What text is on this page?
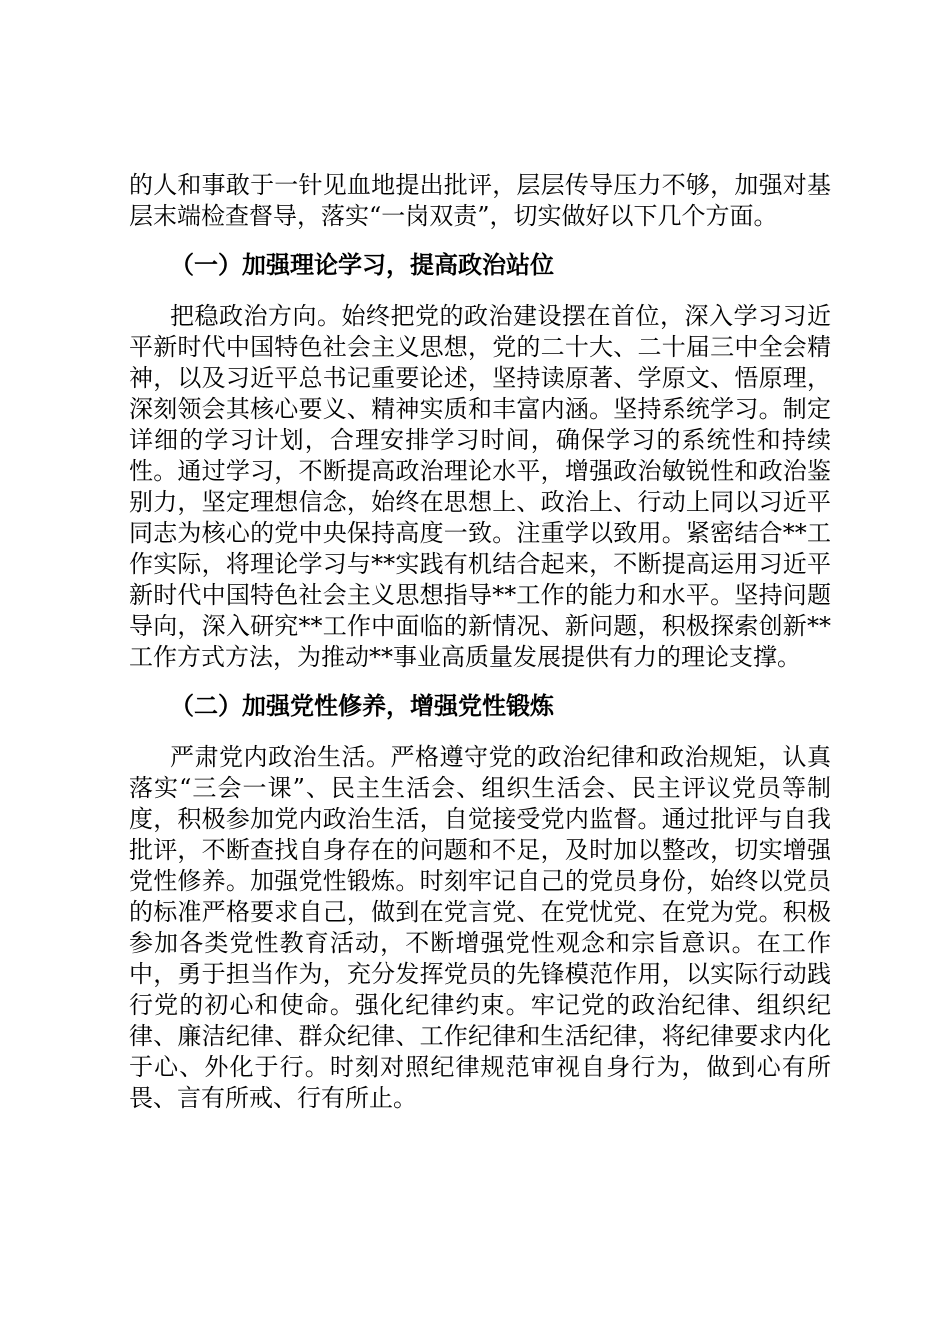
的人和事敢于一针见血地提出批评，层层传导压力不够，加强对基层末端检查督导，落实“一岗双责”，切实做好以下几个方面。

（一）加强理论学习，提高政治站位

把稳政治方向。始终把党的政治建设摆在首位，深入学习习近平新时代中国特色社会主义思想，党的二十大、二十届三中全会精神，以及习近平总书记重要论述，坚持读原著、学原文、悟原理，深刻领会其核心要义、精神实质和丰富内涵。坚持系统学习。制定详细的学习计划，合理安排学习时间，确保学习的系统性和持续性。通过学习，不断提高政治理论水平，增强政治敏锐性和政治鉴别力，坚定理想信念，始终在思想上、政治上、行动上同以习近平同志为核心的党中央保持高度一致。注重学以致用。紧密结合**工作实际，将理论学习与**实践有机结合起来，不断提高运用习近平新时代中国特色社会主义思想指导**工作的能力和水平。坚持问题导向，深入研究**工作中面临的新情况、新问题，积极探索创新**工作方式方法，为推动**事业高质量发展提供有力的理论支撑。

（二）加强党性修养，增强党性锻炼

严肃党内政治生活。严格遵守党的政治纪律和政治规矩，认真落实“三会一课”、民主生活会、组织生活会、民主评议党员等制度，积极参加党内政治生活，自觉接受党内监督。通过批评与自我批评，不断查找自身存在的问题和不足，及时加以整改，切实增强党性修养。加强党性锻炼。时刻牢记自己的党员身份，始终以党员的标准严格要求自己，做到在党言党、在党忧党、在党为党。积极参加各类党性教育活动，不断增强党性观念和宗旨意识。在工作中，勇于担当作为，充分发挥党员的先锋模范作用，以实际行动践行党的初心和使命。强化纪律约束。牢记党的政治纪律、组织纪律、廉洁纪律、群众纪律、工作纪律和生活纪律，将纪律要求内化于心、外化于行。时刻对照纪律规范审视自身行为，做到心有所畏、言有所戒、行有所止。
